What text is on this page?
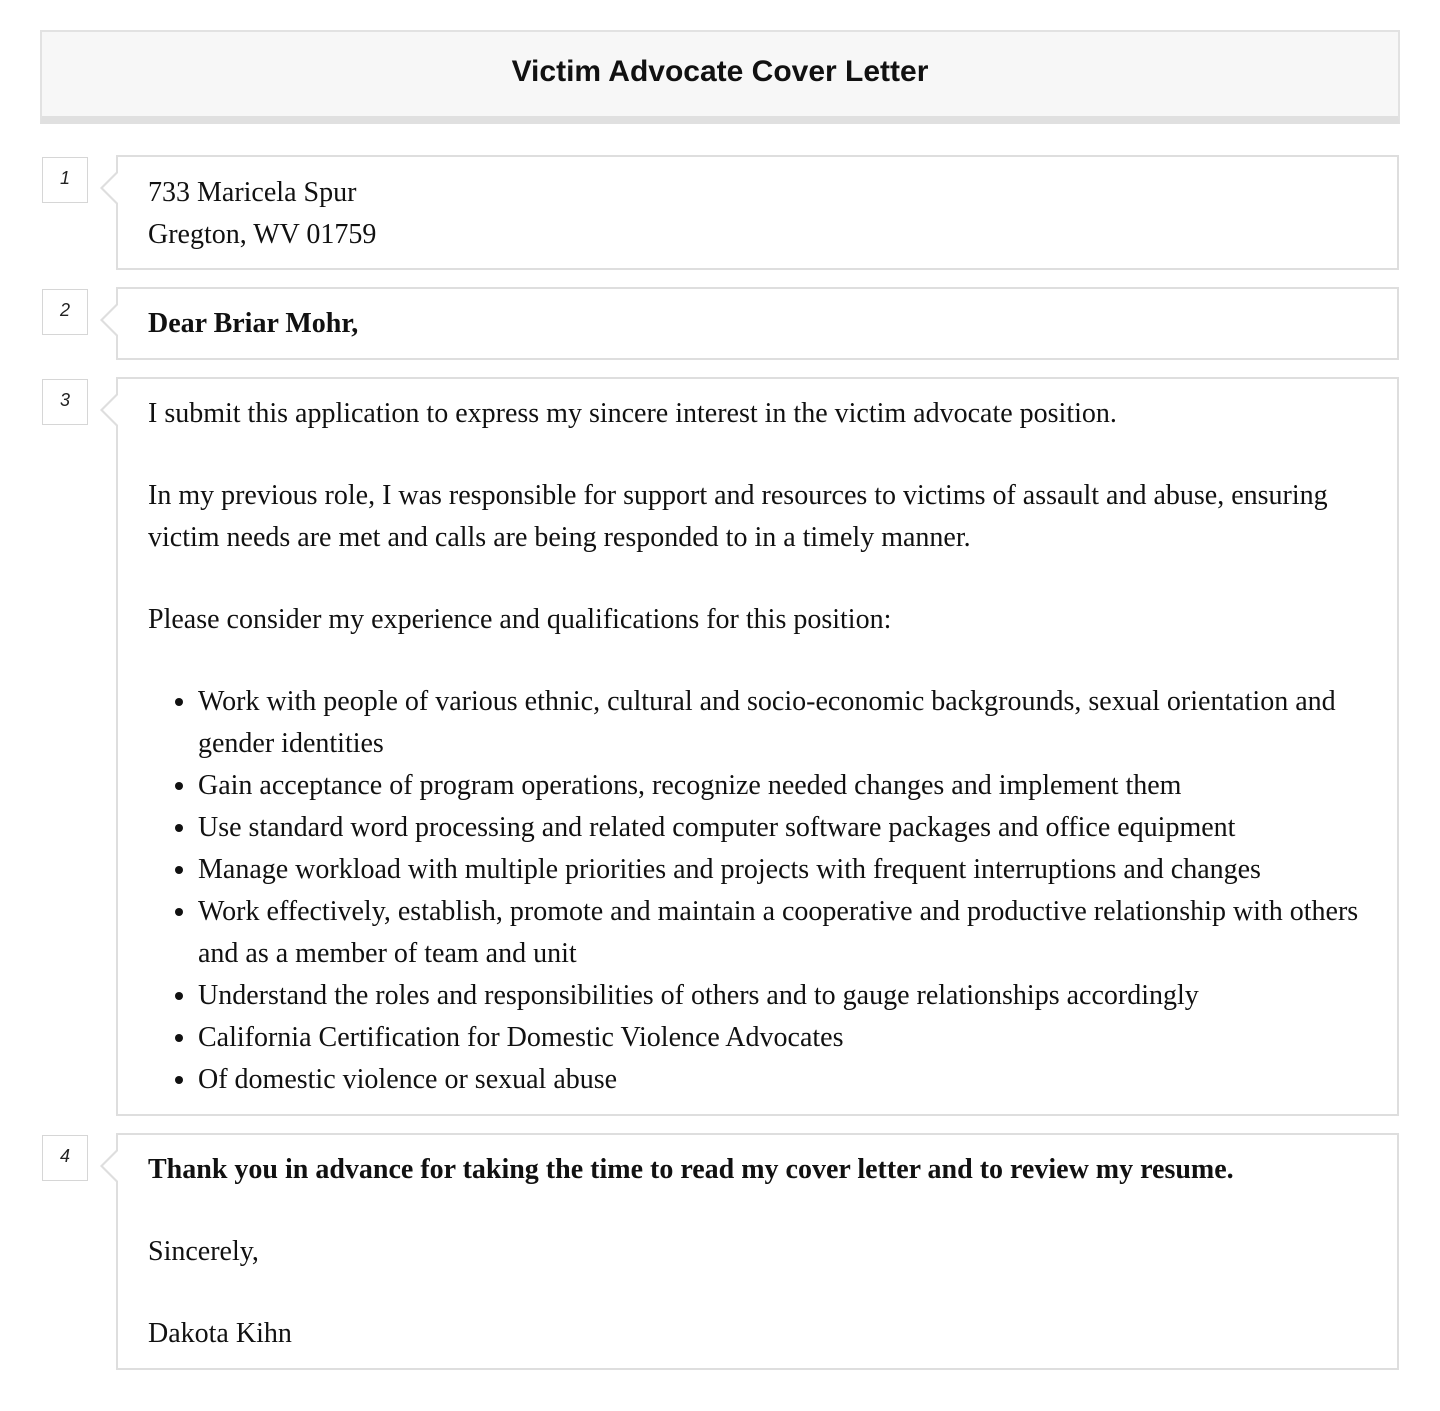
Victim Advocate Cover Letter
1	733 Maricela Spur

Gregton, WV 01759

2	Dear Briar Mohr,

3	I submit this application to express my sincere interest in the victim advocate position.

In my previous role, I was responsible for support and resources to victims of assault and abuse, ensuring victim needs are met and calls are being responded to in a timely manner.

Please consider my experience and qualifications for this position:

• Work with people of various ethnic, cultural and socio-economic backgrounds, sexual orientation and gender identities
• Gain acceptance of program operations, recognize needed changes and implement them
• Use standard word processing and related computer software packages and office equipment
• Manage workload with multiple priorities and projects with frequent interruptions and changes
• Work effectively, establish, promote and maintain a cooperative and productive relationship with others and as a member of team and unit
• Understand the roles and responsibilities of others and to gauge relationships accordingly
• California Certification for Domestic Violence Advocates
• Of domestic violence or sexual abuse
4	Thank you in advance for taking the time to read my cover letter and to review my resume.

Sincerely,

Dakota Kihn
